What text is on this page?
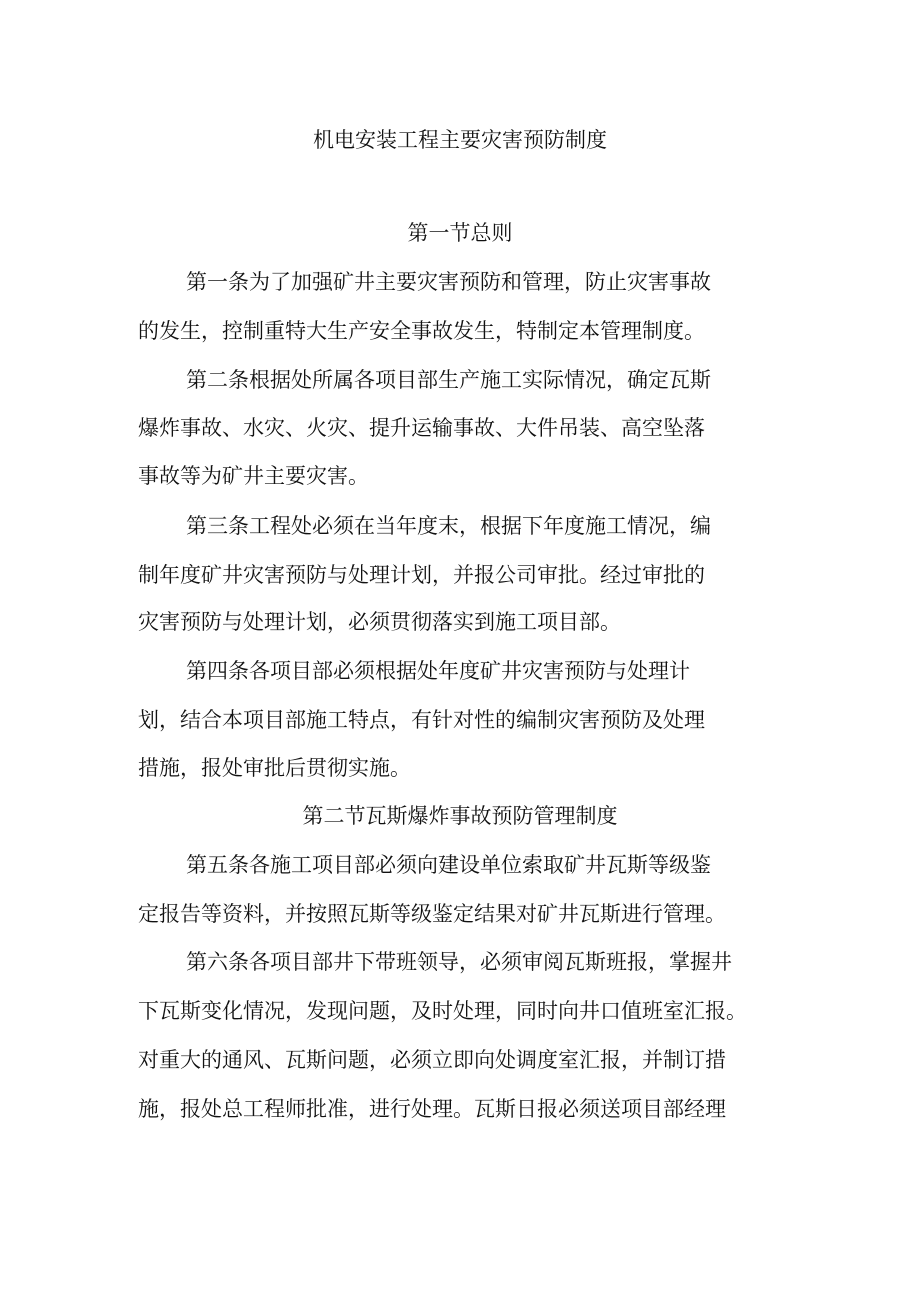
机电安装工程主要灾害预防制度
第一节总则
第一条为了加强矿井主要灾害预防和管理，防止灾害事故
的发生，控制重特大生产安全事故发生，特制定本管理制度。
第二条根据处所属各项目部生产施工实际情况，确定瓦斯
爆炸事故、水灾、火灾、提升运输事故、大件吊装、高空坠落
事故等为矿井主要灾害。
第三条工程处必须在当年度末，根据下年度施工情况，编
制年度矿井灾害预防与处理计划，并报公司审批。经过审批的
灾害预防与处理计划，必须贯彻落实到施工项目部。
第四条各项目部必须根据处年度矿井灾害预防与处理计
划，结合本项目部施工特点，有针对性的编制灾害预防及处理
措施，报处审批后贯彻实施。
第二节瓦斯爆炸事故预防管理制度
第五条各施工项目部必须向建设单位索取矿井瓦斯等级鉴
定报告等资料，并按照瓦斯等级鉴定结果对矿井瓦斯进行管理。
第六条各项目部井下带班领导，必须审阅瓦斯班报，掌握井
下瓦斯变化情况，发现问题，及时处理，同时向井口值班室汇报。
对重大的通风、瓦斯问题，必须立即向处调度室汇报，并制订措
施，报处总工程师批准，进行处理。瓦斯日报必须送项目部经理
